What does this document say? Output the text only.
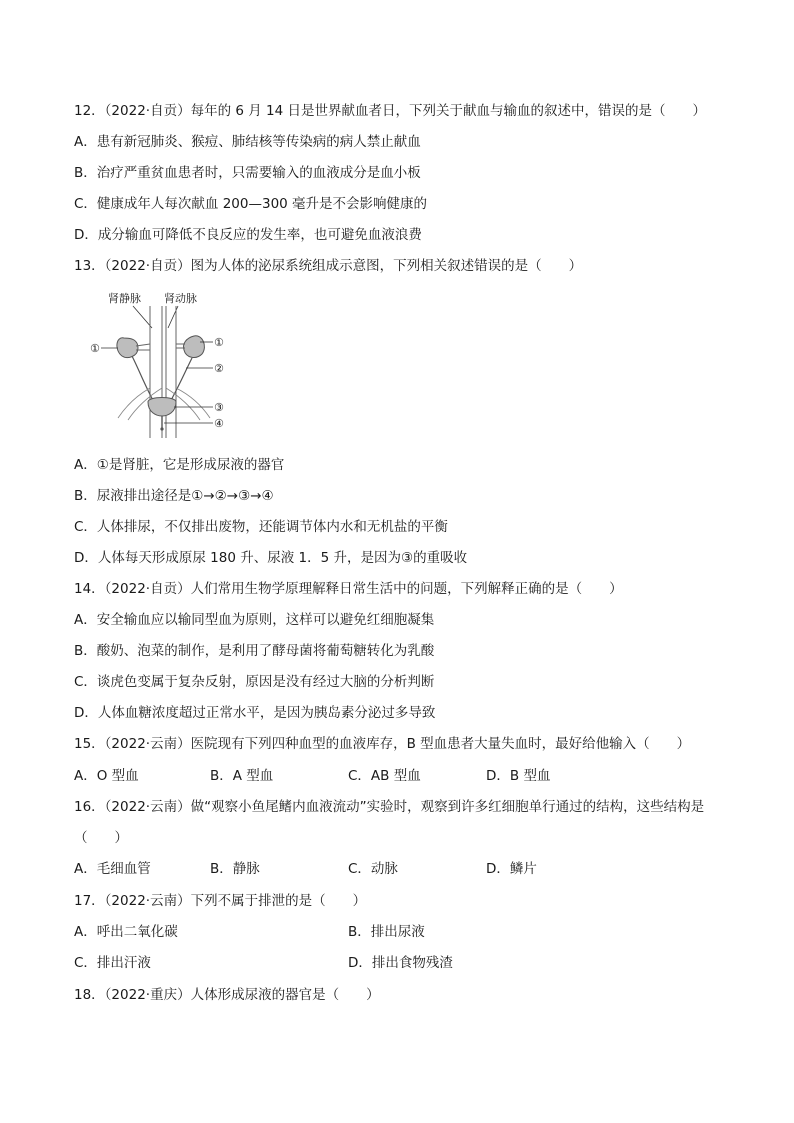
12．（2022·自贡）每年的 6 月 14 日是世界献血者日，下列关于献血与输血的叙述中，错误的是（　　）
A．患有新冠肺炎、猴痘、肺结核等传染病的病人禁止献血
B．治疗严重贫血患者时，只需要输入的血液成分是血小板
C．健康成年人每次献血 200—300 毫升是不会影响健康的
D．成分输血可降低不良反应的发生率，也可避免血液浪费
13．（2022·自贡）图为人体的泌尿系统组成示意图，下列相关叙述错误的是（　　）
肾静脉 肾动脉
①	①
②
③
④
A．①是肾脏，它是形成尿液的器官
B．尿液排出途径是①→②→③→④
C．人体排尿，不仅排出废物，还能调节体内水和无机盐的平衡
D．人体每天形成原尿 180 升、尿液 1．5 升，是因为③的重吸收
14．（2022·自贡）人们常用生物学原理解释日常生活中的问题，下列解释正确的是（　　）
A．安全输血应以输同型血为原则，这样可以避免红细胞凝集
B．酸奶、泡菜的制作，是利用了酵母菌将葡萄糖转化为乳酸
C．谈虎色变属于复杂反射，原因是没有经过大脑的分析判断
D．人体血糖浓度超过正常水平，是因为胰岛素分泌过多导致
15．（2022·云南）医院现有下列四种血型的血液库存，B 型血患者大量失血时，最好给他输入（　　）
A．O 型血	B．A 型血	C．AB 型血	D．B 型血
16．（2022·云南）做“观察小鱼尾鳍内血液流动”实验时，观察到许多红细胞单行通过的结构，这些结构是
（　　）
A．毛细血管	B．静脉	C．动脉	D．鳞片
17．（2022·云南）下列不属于排泄的是（　　）
A．呼出二氧化碳	B．排出尿液
C．排出汗液	D．排出食物残渣
18．（2022·重庆）人体形成尿液的器官是（　　）
